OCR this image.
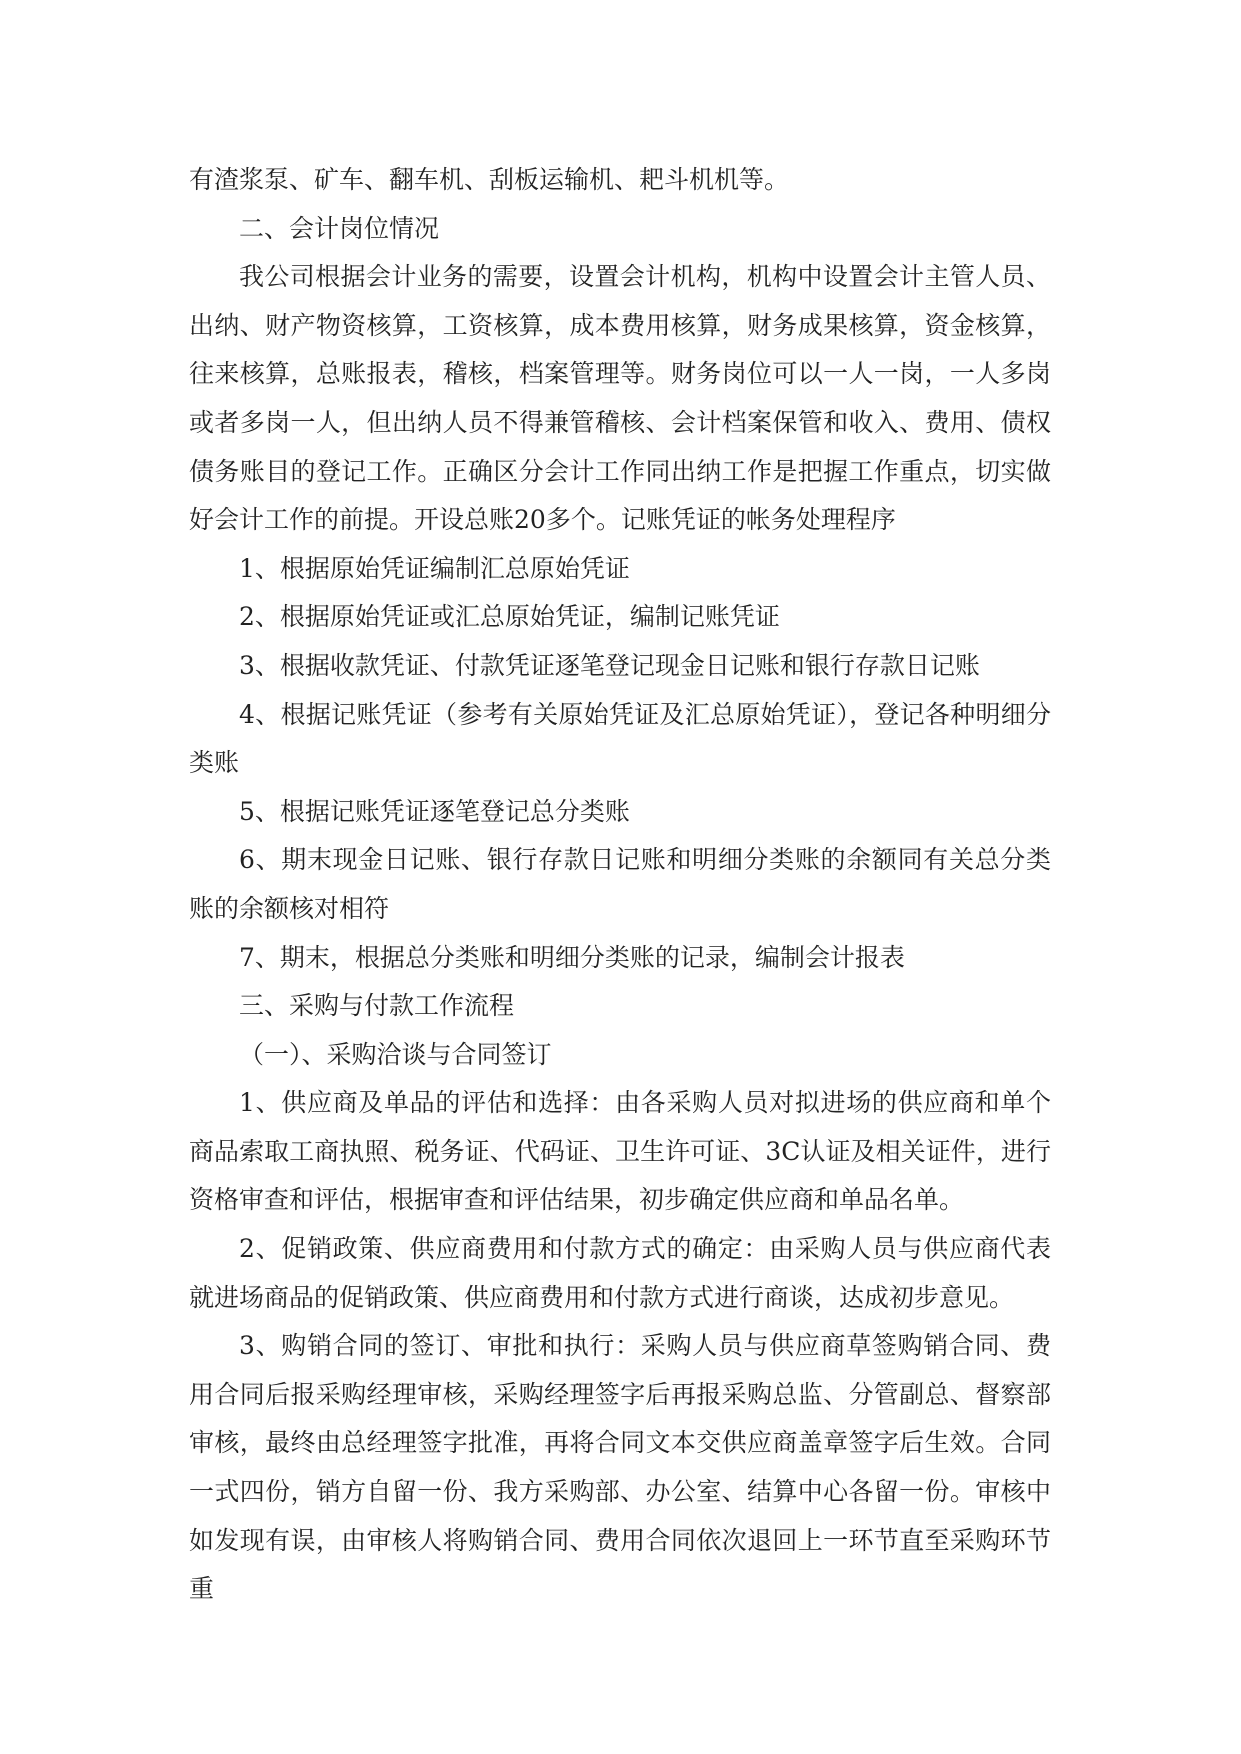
有渣浆泵、矿车、翻车机、刮板运输机、耙斗机机等。

二、会计岗位情况

我公司根据会计业务的需要，设置会计机构，机构中设置会计主管人员、出纳、财产物资核算，工资核算，成本费用核算，财务成果核算，资金核算，往来核算，总账报表，稽核，档案管理等。财务岗位可以一人一岗，一人多岗或者多岗一人，但出纳人员不得兼管稽核、会计档案保管和收入、费用、债权债务账目的登记工作。正确区分会计工作同出纳工作是把握工作重点，切实做好会计工作的前提。开设总账20多个。记账凭证的帐务处理程序

1、根据原始凭证编制汇总原始凭证

2、根据原始凭证或汇总原始凭证，编制记账凭证

3、根据收款凭证、付款凭证逐笔登记现金日记账和银行存款日记账

4、根据记账凭证（参考有关原始凭证及汇总原始凭证），登记各种明细分类账

5、根据记账凭证逐笔登记总分类账

6、期末现金日记账、银行存款日记账和明细分类账的余额同有关总分类账的余额核对相符

7、期末，根据总分类账和明细分类账的记录，编制会计报表

三、采购与付款工作流程

（一）、采购洽谈与合同签订

1、供应商及单品的评估和选择：由各采购人员对拟进场的供应商和单个商品索取工商执照、税务证、代码证、卫生许可证、3C认证及相关证件，进行资格审查和评估，根据审查和评估结果，初步确定供应商和单品名单。

2、促销政策、供应商费用和付款方式的确定：由采购人员与供应商代表就进场商品的促销政策、供应商费用和付款方式进行商谈，达成初步意见。

3、购销合同的签订、审批和执行：采购人员与供应商草签购销合同、费用合同后报采购经理审核，采购经理签字后再报采购总监、分管副总、督察部审核，最终由总经理签字批准，再将合同文本交供应商盖章签字后生效。合同一式四份，销方自留一份、我方采购部、办公室、结算中心各留一份。审核中如发现有误，由审核人将购销合同、费用合同依次退回上一环节直至采购环节重
